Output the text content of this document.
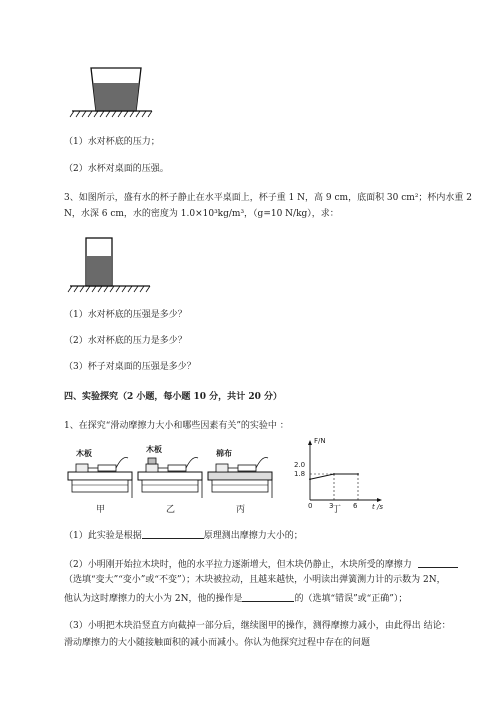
（1）水对杯底的压力；
（2）水杯对桌面的压强。
3、如图所示，盛有水的杯子静止在水平桌面上，杯子重 1 N，高 9 cm，底面积 30 cm²；杯内水重 2
N，水深 6 cm，水的密度为 1.0×10³kg/m³，（g=10 N/kg），求：
（1）水对杯底的压强是多少？
（2）水对杯底的压力是多少？
（3）杯子对桌面的压强是多少？
四、实验探究（2 小题，每小题 10 分，共计 20 分）
1、在探究“滑动摩擦力大小和哪些因素有关”的实验中 ：
木板	木板	棉布
甲	乙	丙
F/N
2.0
1.8
0 3	6
丁	t /s
（1）此实验是根据	原理测出摩擦力大小的；
（2）小明刚开始拉木块时，他的水平拉力逐渐增大，但木块仍静止，木块所受的摩擦力
（选填“变大”“变小”或“不变”）；木块被拉动，且越来越快，小明读出弹簧测力计的示数为 2N，
他认为这时摩擦力的大小为 2N，他的操作是	的（选填“错误”或“正确”）；
（3）小明把木块沿竖直方向截掉一部分后，继续图甲的操作，测得摩擦力减小，由此得出 结论：
滑动摩擦力的大小随接触面积的减小而减小。你认为他探究过程中存在的问题
